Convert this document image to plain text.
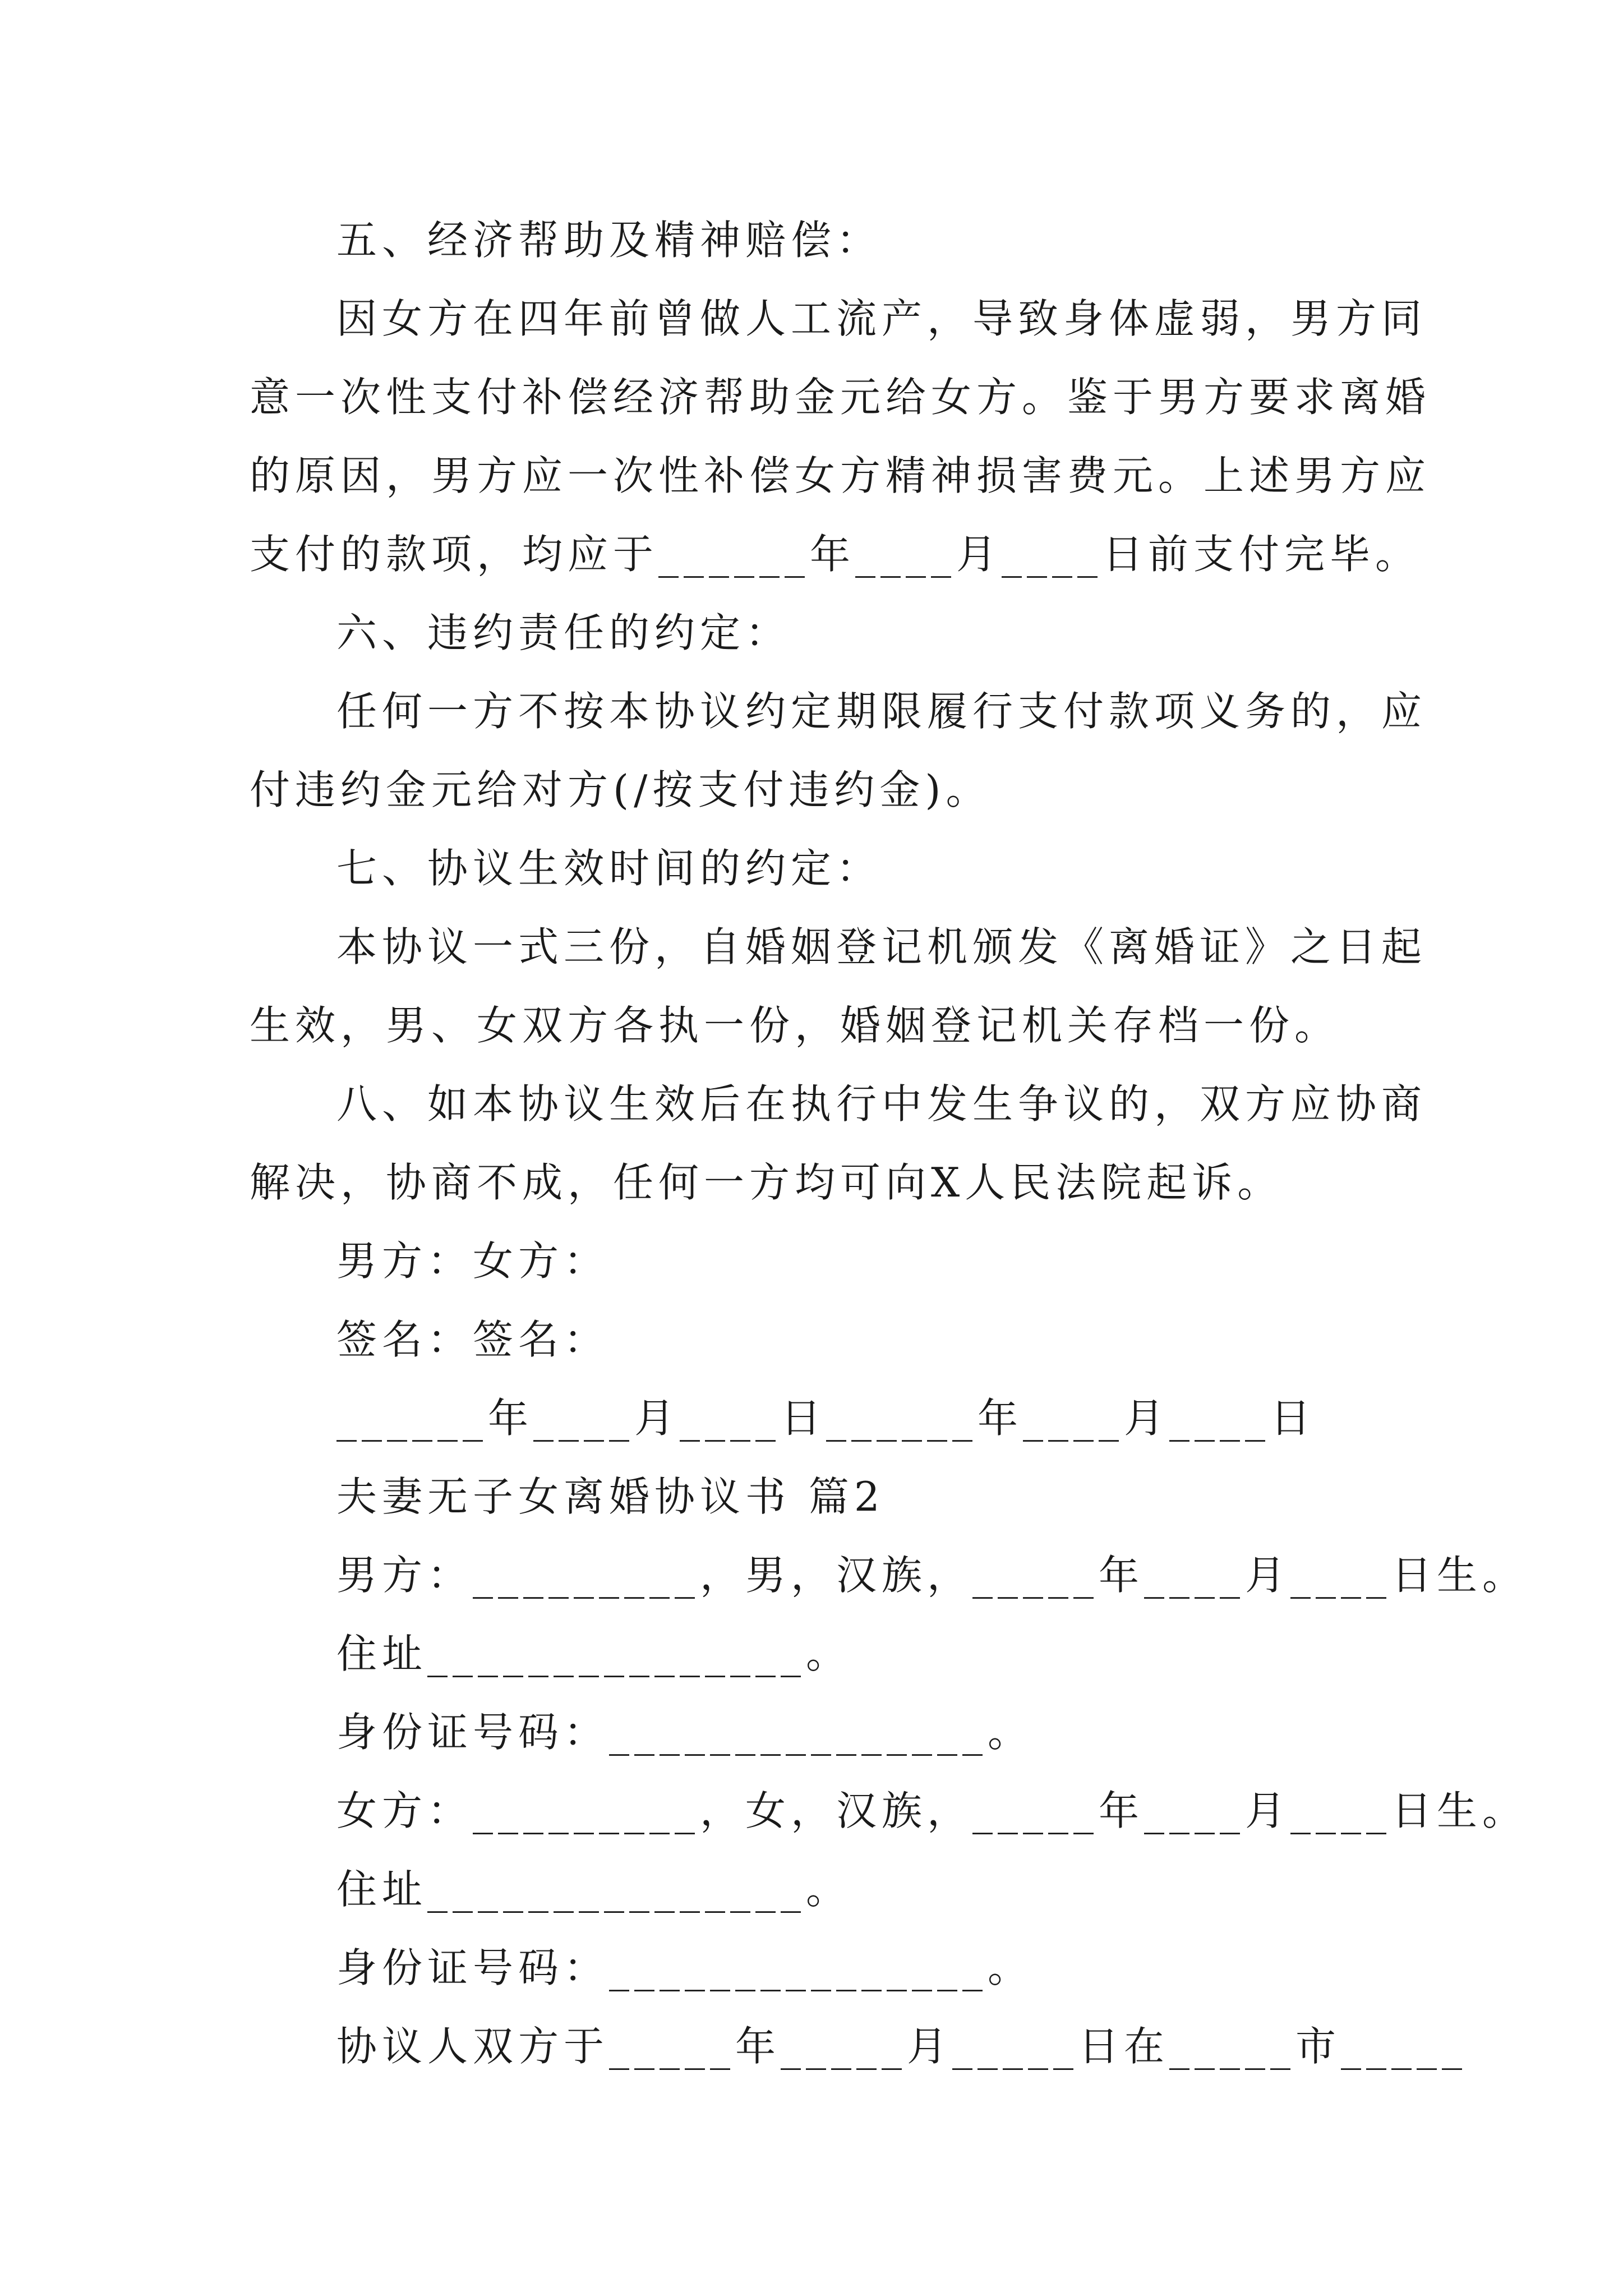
五、经济帮助及精神赔偿：
因女方在四年前曾做人工流产，导致身体虚弱，男方同
意一次性支付补偿经济帮助金元给女方。鉴于男方要求离婚
的原因，男方应一次性补偿女方精神损害费元。上述男方应
支付的款项，均应于______年____月____日前支付完毕。
六、违约责任的约定：
任何一方不按本协议约定期限履行支付款项义务的，应
付违约金元给对方(/按支付违约金)。
七、协议生效时间的约定：
本协议一式三份，自婚姻登记机颁发《离婚证》之日起
生效，男、女双方各执一份，婚姻登记机关存档一份。
八、如本协议生效后在执行中发生争议的，双方应协商
解决，协商不成，任何一方均可向X人民法院起诉。
男方：女方：
签名：签名：
______年____月____日______年____月____日
夫妻无子女离婚协议书 篇2
男方：_________，男，汉族，_____年____月____日生。
住址_______________。
身份证号码：_______________。
女方：_________，女，汉族，_____年____月____日生。
住址_______________。
身份证号码：_______________。
协议人双方于_____年_____月_____日在_____市_____
